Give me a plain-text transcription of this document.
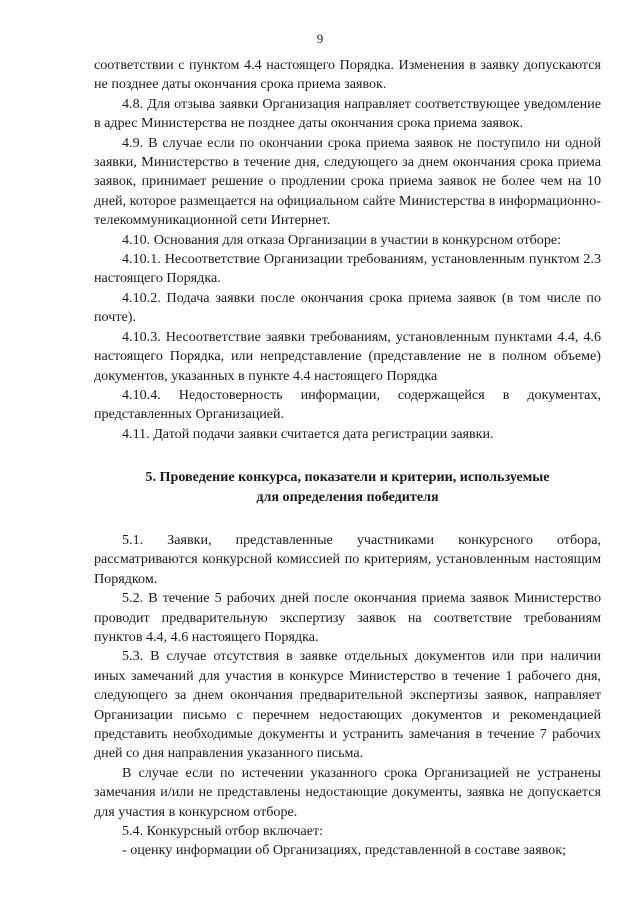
9

соответствии с пунктом 4.4 настоящего Порядка. Изменения в заявку допускаются не позднее даты окончания срока приема заявок.

4.8. Для отзыва заявки Организация направляет соответствующее уведомление в адрес Министерства не позднее даты окончания срока приема заявок.

4.9. В случае если по окончании срока приема заявок не поступило ни одной заявки, Министерство в течение дня, следующего за днем окончания срока приема заявок, принимает решение о продлении срока приема заявок не более чем на 10 дней, которое размещается на официальном сайте Министерства в информационно-телекоммуникационной сети Интернет.

4.10. Основания для отказа Организации в участии в конкурсном отборе:

4.10.1. Несоответствие Организации требованиям, установленным пунктом 2.3 настоящего Порядка.

4.10.2. Подача заявки после окончания срока приема заявок (в том числе по почте).

4.10.3. Несоответствие заявки требованиям, установленным пунктами 4.4, 4.6 настоящего Порядка, или непредставление (представление не в полном объеме) документов, указанных в пункте 4.4 настоящего Порядка

4.10.4. Недостоверность информации, содержащейся в документах, представленных Организацией.

4.11. Датой подачи заявки считается дата регистрации заявки.

5. Проведение конкурса, показатели и критерии, используемые
для определения победителя

5.1. Заявки, представленные участниками конкурсного отбора, рассматриваются конкурсной комиссией по критериям, установленным настоящим Порядком.

5.2. В течение 5 рабочих дней после окончания приема заявок Министерство проводит предварительную экспертизу заявок на соответствие требованиям пунктов 4.4, 4.6 настоящего Порядка.

5.3. В случае отсутствия в заявке отдельных документов или при наличии иных замечаний для участия в конкурсе Министерство в течение 1 рабочего дня, следующего за днем окончания предварительной экспертизы заявок, направляет Организации письмо с перечнем недостающих документов и рекомендацией представить необходимые документы и устранить замечания в течение 7 рабочих дней со дня направления указанного письма.

В случае если по истечении указанного срока Организацией не устранены замечания и/или не представлены недостающие документы, заявка не допускается для участия в конкурсном отборе.

5.4. Конкурсный отбор включает:

- оценку информации об Организациях, представленной в составе заявок;
